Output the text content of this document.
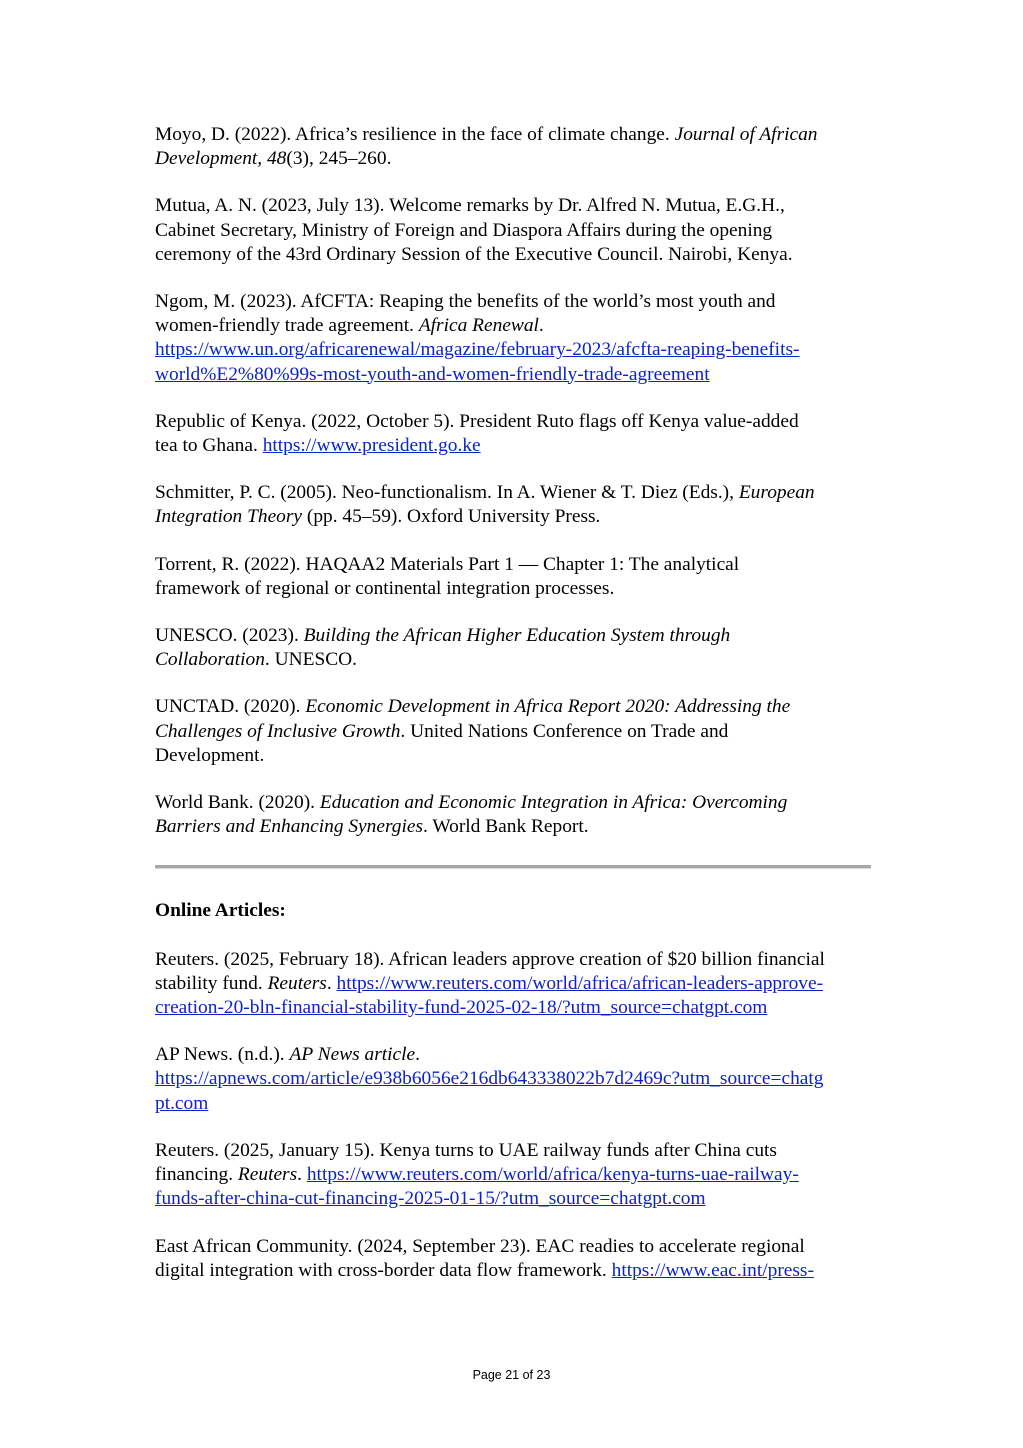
Moyo, D. (2022). Africa’s resilience in the face of climate change. Journal of African
Development, 48(3), 245–260.
Mutua, A. N. (2023, July 13). Welcome remarks by Dr. Alfred N. Mutua, E.G.H.,
Cabinet Secretary, Ministry of Foreign and Diaspora Affairs during the opening
ceremony of the 43rd Ordinary Session of the Executive Council. Nairobi, Kenya.
Ngom, M. (2023). AfCFTA: Reaping the benefits of the world’s most youth and
women-friendly trade agreement. Africa Renewal.
https://www.un.org/africarenewal/magazine/february-2023/afcfta-reaping-benefits-
world%E2%80%99s-most-youth-and-women-friendly-trade-agreement
Republic of Kenya. (2022, October 5). President Ruto flags off Kenya value-added
tea to Ghana. https://www.president.go.ke
Schmitter, P. C. (2005). Neo-functionalism. In A. Wiener & T. Diez (Eds.), European
Integration Theory (pp. 45–59). Oxford University Press.
Torrent, R. (2022). HAQAA2 Materials Part 1 — Chapter 1: The analytical
framework of regional or continental integration processes.
UNESCO. (2023). Building the African Higher Education System through
Collaboration. UNESCO.
UNCTAD. (2020). Economic Development in Africa Report 2020: Addressing the
Challenges of Inclusive Growth. United Nations Conference on Trade and
Development.
World Bank. (2020). Education and Economic Integration in Africa: Overcoming
Barriers and Enhancing Synergies. World Bank Report.
Online Articles:
Reuters. (2025, February 18). African leaders approve creation of $20 billion financial
stability fund. Reuters. https://www.reuters.com/world/africa/african-leaders-approve-
creation-20-bln-financial-stability-fund-2025-02-18/?utm_source=chatgpt.com
AP News. (n.d.). AP News article.
https://apnews.com/article/e938b6056e216db643338022b7d2469c?utm_source=chatg
pt.com
Reuters. (2025, January 15). Kenya turns to UAE railway funds after China cuts
financing. Reuters. https://www.reuters.com/world/africa/kenya-turns-uae-railway-
funds-after-china-cut-financing-2025-01-15/?utm_source=chatgpt.com
East African Community. (2024, September 23). EAC readies to accelerate regional
digital integration with cross-border data flow framework. https://www.eac.int/press-
Page 21 of 23
